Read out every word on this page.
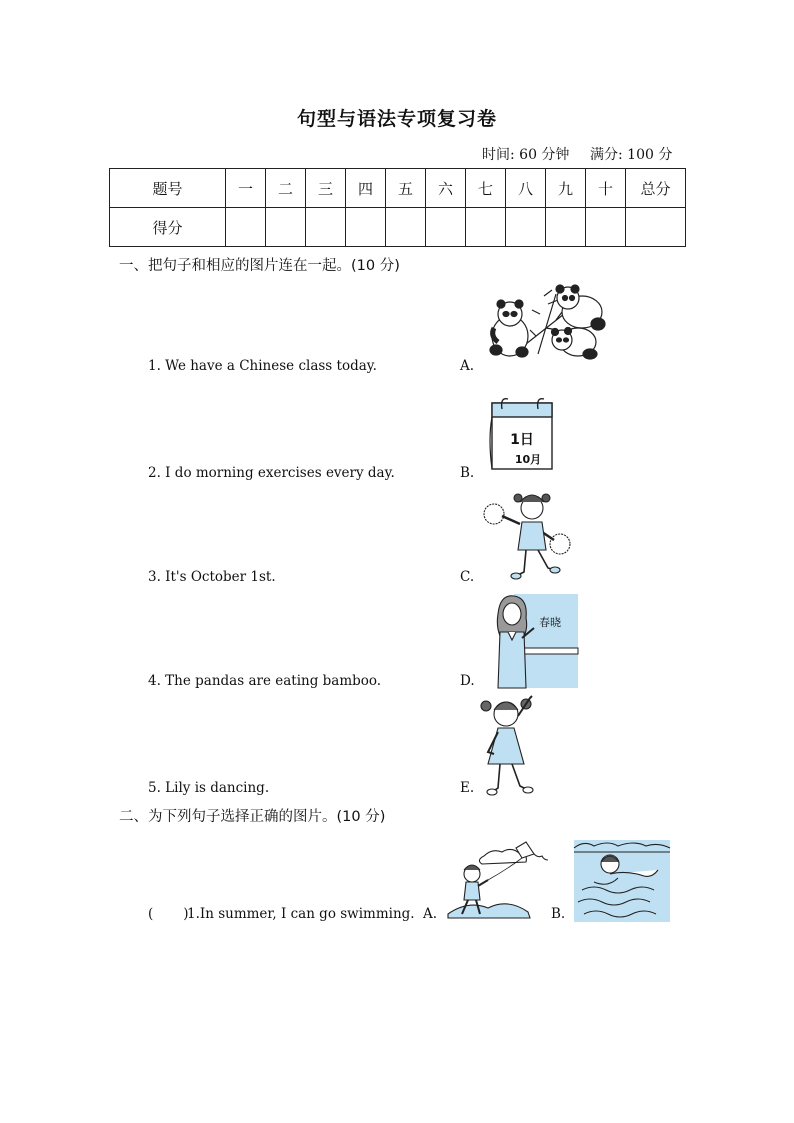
句型与语法专项复习卷
时间: 60 分钟 满分: 100 分
题号	一	二	三	四	五	六	七	八	九	十	总分
得分											
一、把句子和相应的图片连在一起。(10 分)
1. We have a Chinese class today.	A.
2. I do morning exercises every day.	B.
3. It's October 1st.	C.
4. The pandas are eating bamboo.	D.
5. Lily is dancing.	E.
1日
10月
春晓
二、为下列句子选择正确的图片。(10 分)
(       )
1.In summer, I can go swimming. A.	B.
